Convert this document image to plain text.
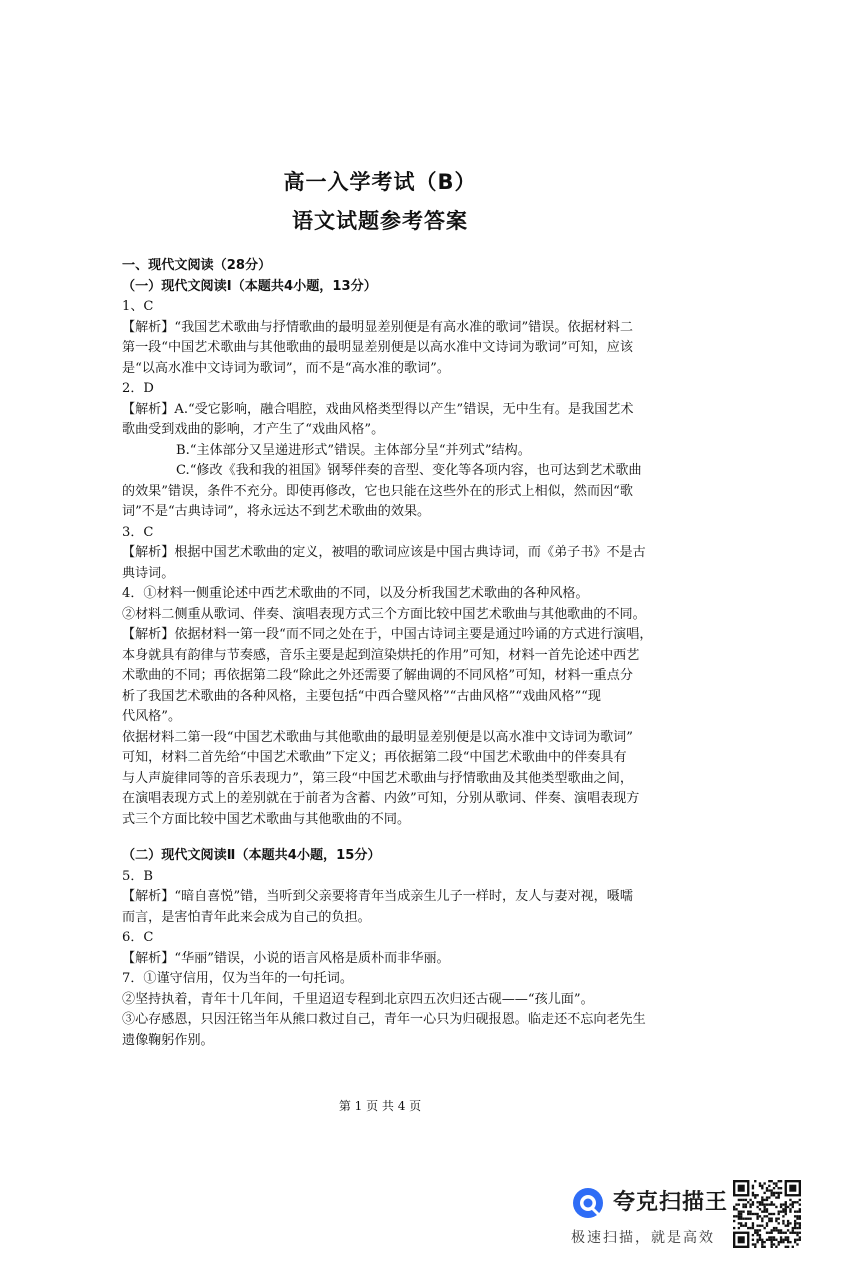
高一入学考试（B）
语文试题参考答案
一、现代文阅读（28分）
（一）现代文阅读Ⅰ（本题共4小题，13分）
1、C
【解析】“我国艺术歌曲与抒情歌曲的最明显差别便是有高水准的歌词”错误。依据材料二
第一段“中国艺术歌曲与其他歌曲的最明显差别便是以高水准中文诗词为歌词”可知，应该
是“以高水准中文诗词为歌词”，而不是“高水准的歌词”。
2．D
【解析】A.“受它影响，融合唱腔，戏曲风格类型得以产生”错误，无中生有。是我国艺术
歌曲受到戏曲的影响，才产生了“戏曲风格”。
B.“主体部分又呈递进形式”错误。主体部分呈“并列式”结构。
C.“修改《我和我的祖国》钢琴伴奏的音型、变化等各项内容，也可达到艺术歌曲
的效果”错误，条件不充分。即使再修改，它也只能在这些外在的形式上相似，然而因“歌
词”不是“古典诗词”，将永远达不到艺术歌曲的效果。
3．C
【解析】根据中国艺术歌曲的定义，被唱的歌词应该是中国古典诗词，而《弟子书》不是古
典诗词。
4．①材料一侧重论述中西艺术歌曲的不同，以及分析我国艺术歌曲的各种风格。
②材料二侧重从歌词、伴奏、演唱表现方式三个方面比较中国艺术歌曲与其他歌曲的不同。
【解析】依据材料一第一段“而不同之处在于，中国古诗词主要是通过吟诵的方式进行演唱，
本身就具有韵律与节奏感，音乐主要是起到渲染烘托的作用”可知，材料一首先论述中西艺
术歌曲的不同；再依据第二段“除此之外还需要了解曲调的不同风格”可知，材料一重点分
析了我国艺术歌曲的各种风格，主要包括“中西合璧风格”“古曲风格”“戏曲风格”“现
代风格”。
依据材料二第一段“中国艺术歌曲与其他歌曲的最明显差别便是以高水准中文诗词为歌词”
可知，材料二首先给“中国艺术歌曲”下定义；再依据第二段“中国艺术歌曲中的伴奏具有
与人声旋律同等的音乐表现力”，第三段“中国艺术歌曲与抒情歌曲及其他类型歌曲之间，
在演唱表现方式上的差别就在于前者为含蓄、内敛”可知，分别从歌词、伴奏、演唱表现方
式三个方面比较中国艺术歌曲与其他歌曲的不同。
（二）现代文阅读Ⅱ（本题共4小题，15分）
5．B
【解析】“暗自喜悦”错，当听到父亲要将青年当成亲生儿子一样时，友人与妻对视，嗫嚅
而言，是害怕青年此来会成为自己的负担。
6．C
【解析】“华丽”错误，小说的语言风格是质朴而非华丽。
7．①谨守信用，仅为当年的一句托词。
②坚持执着，青年十几年间，千里迢迢专程到北京四五次归还古砚——“孩儿面”。
③心存感恩，只因汪铭当年从熊口救过自己，青年一心只为归砚报恩。临走还不忘向老先生
遗像鞠躬作别。
第 1 页 共 4 页
夸克扫描王
极速扫描，就是高效
